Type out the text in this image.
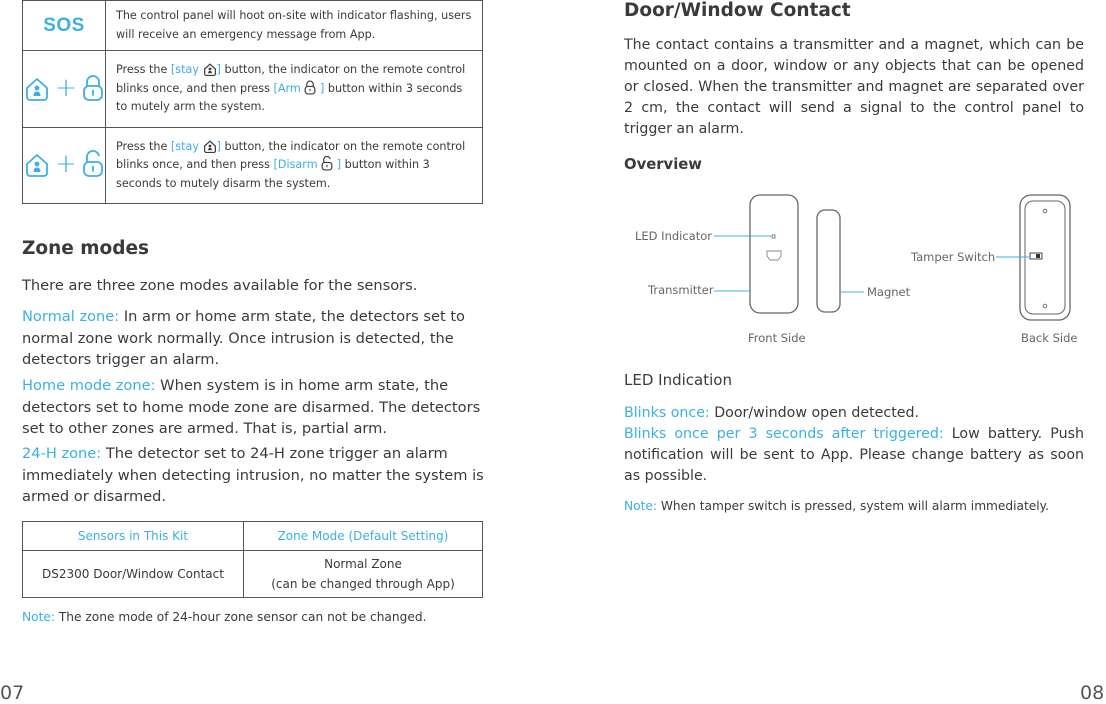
SOS	The control panel will hoot on-site with indicator flashing, users will receive an emergency message from App.

+	Press the [stay ] button, the indicator on the remote control blinks once, and then press [Arm ] button within 3 seconds to mutely arm the system.

+	Press the [stay ] button, the indicator on the remote control blinks once, and then press [Disarm ] button within 3 seconds to mutely disarm the system.
Zone modes
There are three zone modes available for the sensors.
Normal zone: In arm or home arm state, the detectors set to normal zone work normally. Once intrusion is detected, the detectors trigger an alarm.
Home mode zone: When system is in home arm state, the detectors set to home mode zone are disarmed. The detectors set to other zones are armed. That is, partial arm.
24-H zone: The detector set to 24-H zone trigger an alarm immediately when detecting intrusion, no matter the system is armed or disarmed.
Sensors in This Kit	Zone Mode (Default Setting)
DS2300 Door/Window Contact	Normal Zone
(can be changed through App)
Note: The zone mode of 24-hour zone sensor can not be changed.
07
Door/Window Contact
The contact contains a transmitter and a magnet, which can be mounted on a door, window or any objects that can be opened or closed. When the transmitter and magnet are separated over 2 cm, the contact will send a signal to the control panel to trigger an alarm.
Overview
LED Indicator
Transmitter	Magnet
Tamper Switch
Front Side	Back Side
LED Indication
Blinks once: Door/window open detected.
Blinks once per 3 seconds after triggered: Low battery. Push notification will be sent to App. Please change battery as soon as possible.
Note: When tamper switch is pressed, system will alarm immediately.
08
